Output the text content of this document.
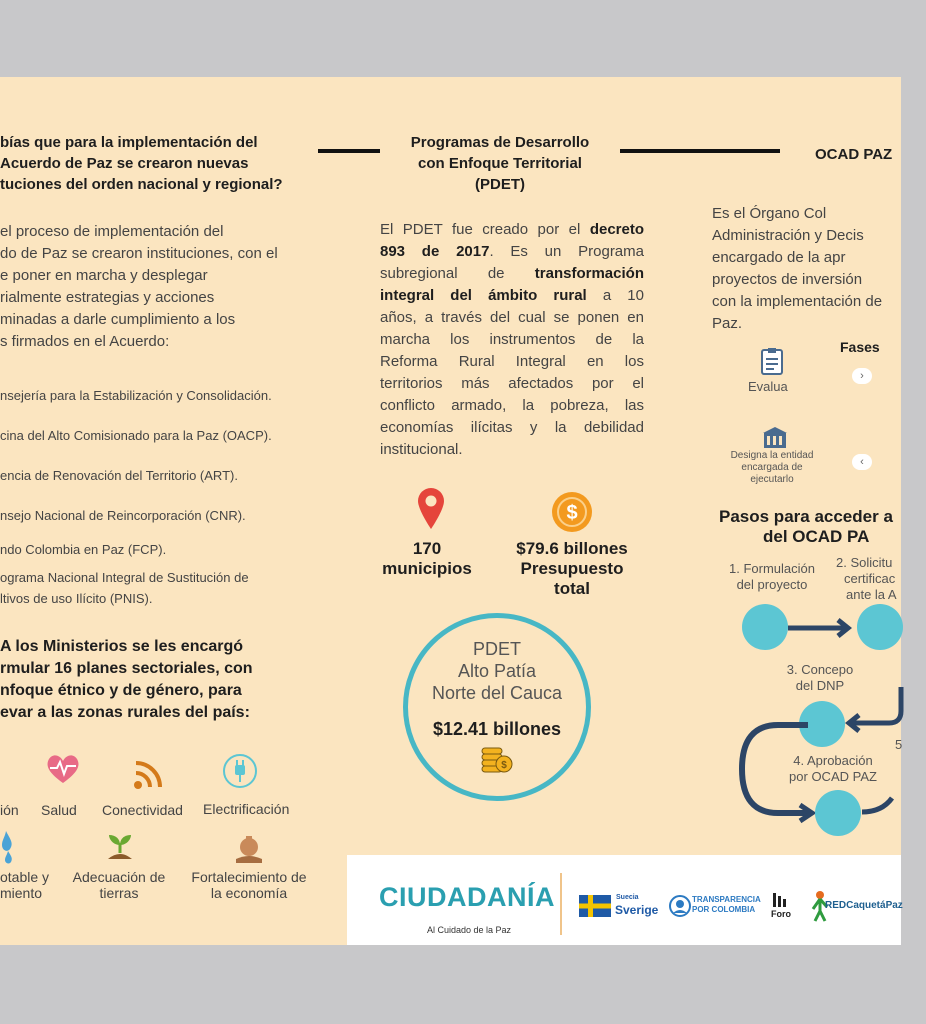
bías que para la implementación del
Acuerdo de Paz se crearon nuevas
tuciones del orden nacional y regional?
el proceso de implementación del
do de Paz se crearon instituciones, con el
e poner en marcha y desplegar
rialmente estrategias y acciones
minadas a darle cumplimiento a los
s firmados en el Acuerdo:
nsejería para la Estabilización y Consolidación.
cina del Alto Comisionado para la Paz (OACP).
encia de Renovación del Territorio (ART).
nsejo Nacional de Reincorporación (CNR).
ndo Colombia en Paz (FCP).
ograma Nacional Integral de Sustitución de
ltivos de uso Ilícito (PNIS).
A los Ministerios se les encargó
rmular 16 planes sectoriales, con
nfoque étnico y de género, para
evar a las zonas rurales del país:
ión Salud Conectividad Electrificación
otable y
miento
Adecuación de
tierras
Fortalecimiento de
la economía
Programas de Desarrollo
con Enfoque Territorial
(PDET)
El PDET fue creado por el decreto
893 de 2017. Es un Programa
subregional de transformación
integral del ámbito rural a 10
años, a través del cual se ponen en
marcha los instrumentos de la
Reforma Rural Integral en los
territorios más afectados por el
conflicto armado, la pobreza, las
economías ilícitas y la debilidad
institucional.
$
170
municipios
$79.6 billones
Presupuesto
total
PDET
Alto Patía
Norte del Cauca
$12.41 billones
$
OCAD PAZ
Es el Órgano Col
Administración y Decis
encargado de la apr
proyectos de inversión
con la implementación de
Paz.
Fases
Evalua
›
Designa la entidad
encargada de
ejecutarlo
‹
Pasos para acceder a
del OCAD PA
1. Formulación
del proyecto
2. Solicitu
certificac
ante la A
3. Concepo
del DNP
4. Aprobación
por OCAD PAZ
5
CIUDADANÍA
Al Cuidado de la Paz
Suecia
Sverige
TRANSPARENCIA
POR COLOMBIA	Foro
REDCaquetáPaz
